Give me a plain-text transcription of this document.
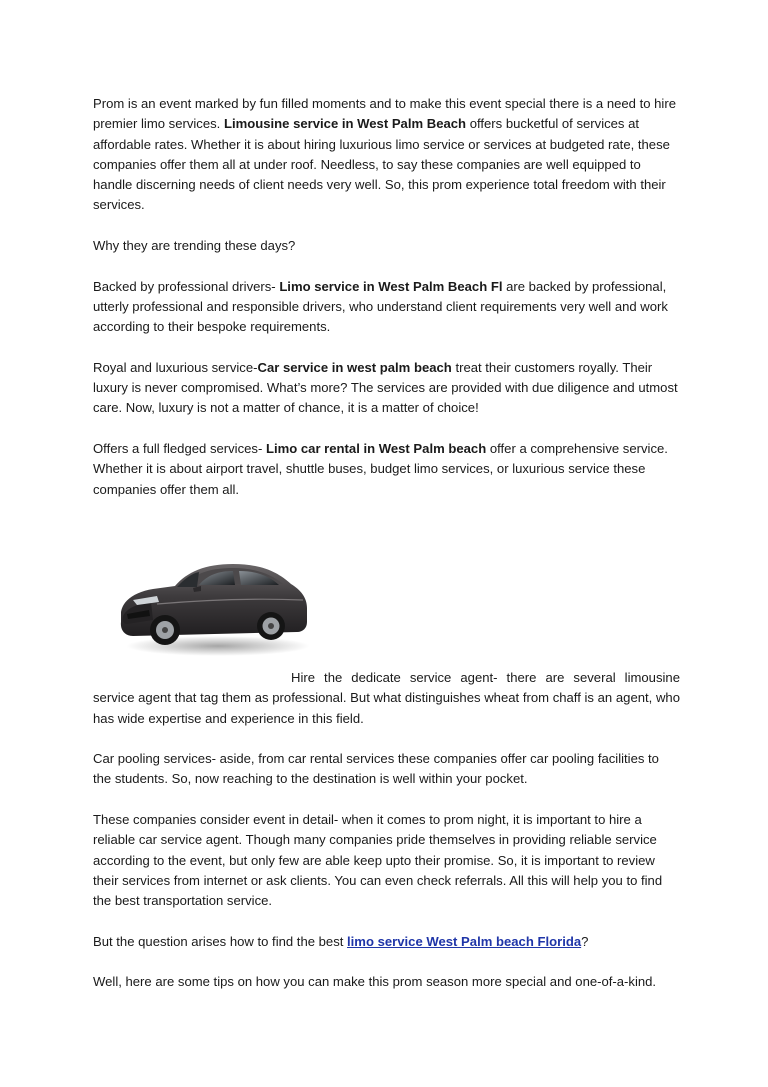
Prom is an event marked by fun filled moments and to make this event special there is a need to hire premier limo services. Limousine service in West Palm Beach offers bucketful of services at affordable rates. Whether it is about hiring luxurious limo service or services at budgeted rate, these companies offer them all at under roof. Needless, to say these companies are well equipped to handle discerning needs of client needs very well. So, this prom experience total freedom with their services.

Why they are trending these days?

Backed by professional drivers- Limo service in West Palm Beach Fl are backed by professional, utterly professional and responsible drivers, who understand client requirements very well and work according to their bespoke requirements.

Royal and luxurious service-Car service in west palm beach treat their customers royally. Their luxury is never compromised. What’s more? The services are provided with due diligence and utmost care. Now, luxury is not a matter of chance, it is a matter of choice!

Offers a full fledged services- Limo car rental in West Palm beach offer a comprehensive service. Whether it is about airport travel, shuttle buses, budget limo services, or luxurious service these companies offer them all.

Hire the dedicate service agent- there are several limousine service agent that tag them as professional. But what distinguishes wheat from chaff is an agent, who has wide expertise and experience in this field.

Car pooling services- aside, from car rental services these companies offer car pooling facilities to the students. So, now reaching to the destination is well within your pocket.

These companies consider event in detail- when it comes to prom night, it is important to hire a reliable car service agent. Though many companies pride themselves in providing reliable service according to the event, but only few are able keep upto their promise. So, it is important to review their services from internet or ask clients. You can even check referrals. All this will help you to find the best transportation service.

But the question arises how to find the best limo service West Palm beach Florida?

Well, here are some tips on how you can make this prom season more special and one-of-a-kind.
